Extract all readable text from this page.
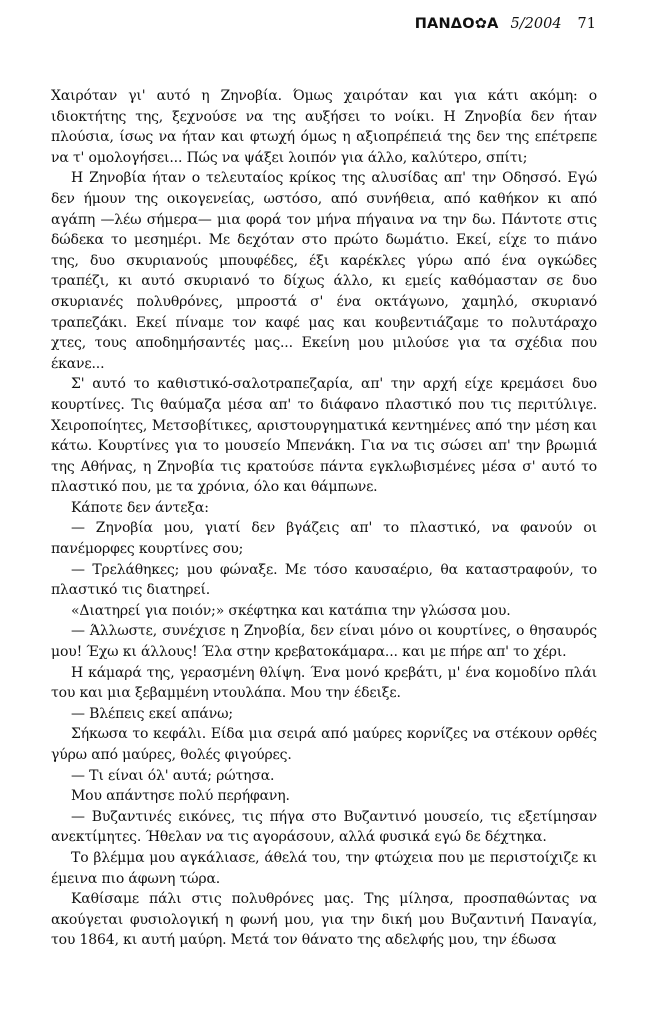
ΠΑΝΔΟ✿Α 5/2004 71

Χαιρόταν γι' αυτό η Ζηνοβία. Όμως χαιρόταν και για κάτι ακόμη: ο ιδιοκτήτης της, ξεχνούσε να της αυξήσει το νοίκι. Η Ζηνοβία δεν ήταν πλούσια, ίσως να ήταν και φτωχή όμως η αξιοπρέπειά της δεν της επέτρεπε να τ' ομολογήσει... Πώς να ψάξει λοιπόν για άλλο, καλύτερο, σπίτι;

Η Ζηνοβία ήταν ο τελευταίος κρίκος της αλυσίδας απ' την Οδησσό. Εγώ δεν ήμουν της οικογενείας, ωστόσο, από συνήθεια, από καθήκον κι από αγάπη —λέω σήμερα— μια φορά τον μήνα πήγαινα να την δω. Πάντοτε στις δώδεκα το μεσημέρι. Με δεχόταν στο πρώτο δωμάτιο. Εκεί, είχε το πιάνο της, δυο σκυριανούς μπουφέδες, έξι καρέκλες γύρω από ένα ογκώδες τραπέζι, κι αυτό σκυριανό το δίχως άλλο, κι εμείς καθόμασταν σε δυο σκυριανές πολυθρόνες, μπροστά σ' ένα οκτάγωνο, χαμηλό, σκυριανό τραπεζάκι. Εκεί πίναμε τον καφέ μας και κουβεντιάζαμε το πολυτάραχο χτες, τους αποδημήσαντές μας... Εκείνη μου μιλούσε για τα σχέδια που έκανε...

Σ' αυτό το καθιστικό-σαλοτραπεζαρία, απ' την αρχή είχε κρεμάσει δυο κουρτίνες. Τις θαύμαζα μέσα απ' το διάφανο πλαστικό που τις περιτύλιγε. Χειροποίητες, Μετσοβίτικες, αριστουργηματικά κεντημένες από την μέση και κάτω. Κουρτίνες για το μουσείο Μπενάκη. Για να τις σώσει απ' την βρωμιά της Αθήνας, η Ζηνοβία τις κρατούσε πάντα εγκλωβισμένες μέσα σ' αυτό το πλαστικό που, με τα χρόνια, όλο και θάμπωνε.

Κάποτε δεν άντεξα:

— Ζηνοβία μου, γιατί δεν βγάζεις απ' το πλαστικό, να φανούν οι πανέμορφες κουρτίνες σου;

— Τρελάθηκες; μου φώναξε. Με τόσο καυσαέριο, θα καταστραφούν, το πλαστικό τις διατηρεί.

«Διατηρεί για ποιόν;» σκέφτηκα και κατάπια την γλώσσα μου.

— Άλλωστε, συνέχισε η Ζηνοβία, δεν είναι μόνο οι κουρτίνες, ο θησαυρός μου! Έχω κι άλλους! Έλα στην κρεβατοκάμαρα... και με πήρε απ' το χέρι.

Η κάμαρά της, γερασμένη θλίψη. Ένα μονό κρεβάτι, μ' ένα κομοδίνο πλάι του και μια ξεβαμμένη ντουλάπα. Μου την έδειξε.

— Βλέπεις εκεί απάνω;

Σήκωσα το κεφάλι. Είδα μια σειρά από μαύρες κορνίζες να στέκουν ορθές γύρω από μαύρες, θολές φιγούρες.

— Τι είναι όλ' αυτά; ρώτησα.

Μου απάντησε πολύ περήφανη.

— Βυζαντινές εικόνες, τις πήγα στο Βυζαντινό μουσείο, τις εξετίμησαν ανεκτίμητες. Ήθελαν να τις αγοράσουν, αλλά φυσικά εγώ δε δέχτηκα.

Το βλέμμα μου αγκάλιασε, άθελά του, την φτώχεια που με περιστοίχιζε κι έμεινα πιο άφωνη τώρα.

Καθίσαμε πάλι στις πολυθρόνες μας. Της μίλησα, προσπαθώντας να ακούγεται φυσιολογική η φωνή μου, για την δική μου Βυζαντινή Παναγία, του 1864, κι αυτή μαύρη. Μετά τον θάνατο της αδελφής μου, την έδωσα
